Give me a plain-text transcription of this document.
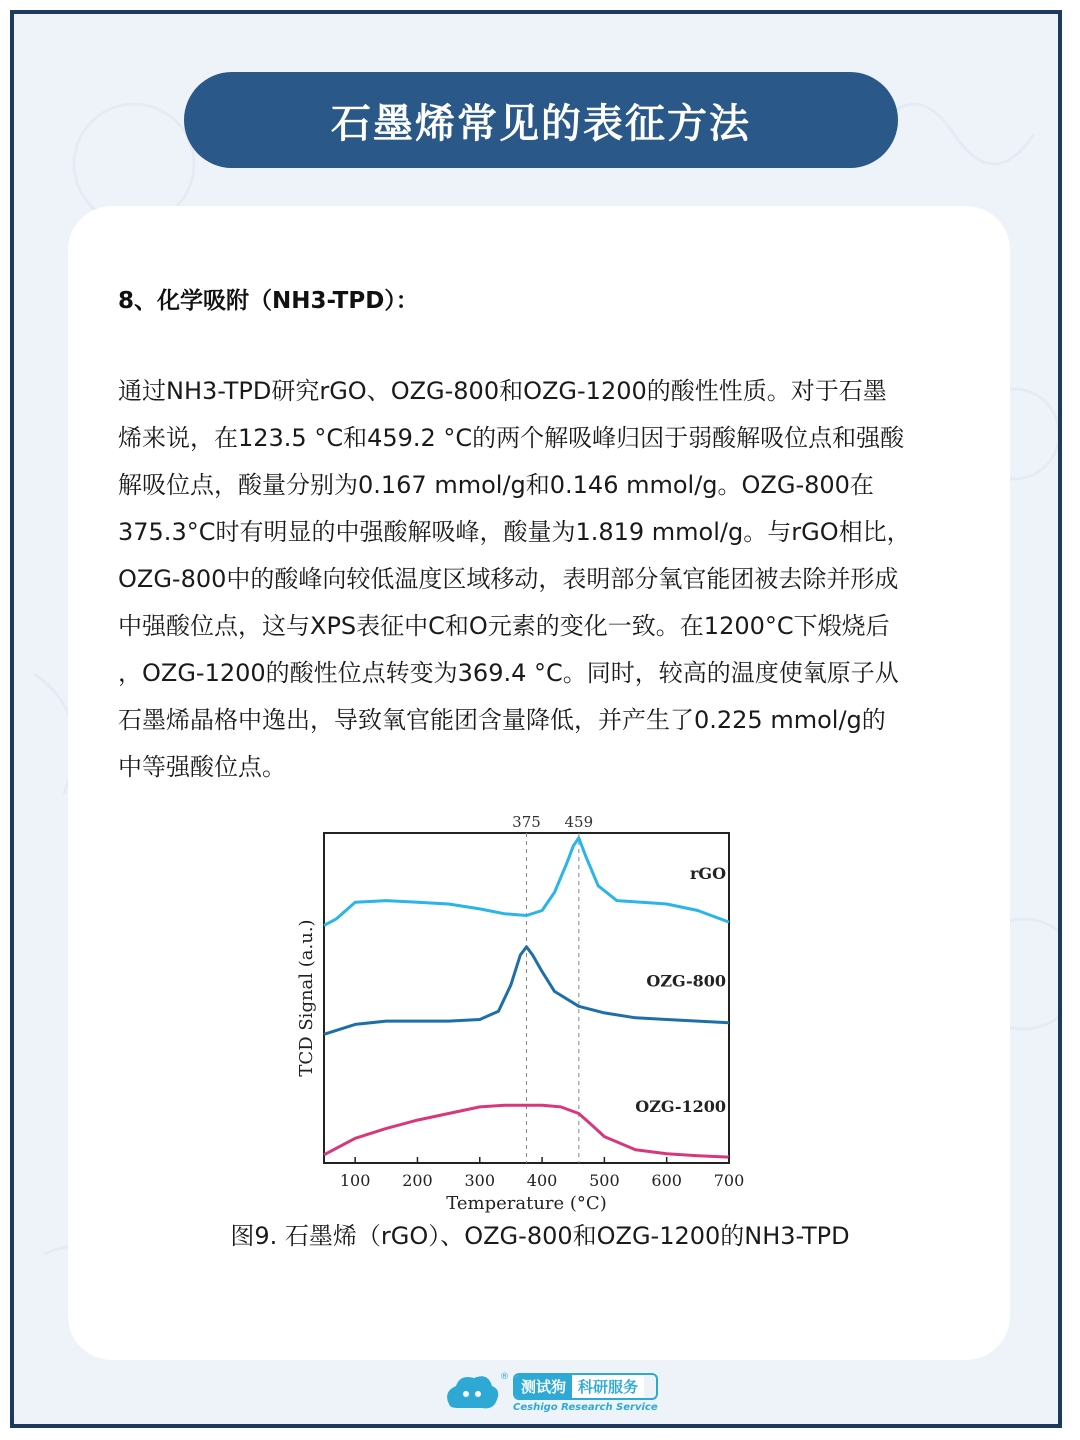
石墨烯常见的表征方法
8、化学吸附（NH3-TPD）：
通过NH3-TPD研究rGO、OZG-800和OZG-1200的酸性性质。对于石墨
烯来说，在123.5 °C和459.2 °C的两个解吸峰归因于弱酸解吸位点和强酸
解吸位点，酸量分别为0.167 mmol/g和0.146 mmol/g。OZG-800在
375.3°C时有明显的中强酸解吸峰，酸量为1.819 mmol/g。与rGO相比，
OZG-800中的酸峰向较低温度区域移动，表明部分氧官能团被去除并形成
中强酸位点，这与XPS表征中C和O元素的变化一致。在1200°C下煅烧后
，OZG-1200的酸性位点转变为369.4 °C。同时，较高的温度使氧原子从
石墨烯晶格中逸出，导致氧官能团含量降低，并产生了0.225 mmol/g的
中等强酸位点。
375 459
rGO
OZG-800
OZG-1200
100 200 300 400 500 600 700
Temperature (°C)
TCD Signal (a.u.)
图9. 石墨烯（rGO）、OZG-800和OZG-1200的NH3-TPD
®
测试狗 科研服务
Ceshigo Research Service
